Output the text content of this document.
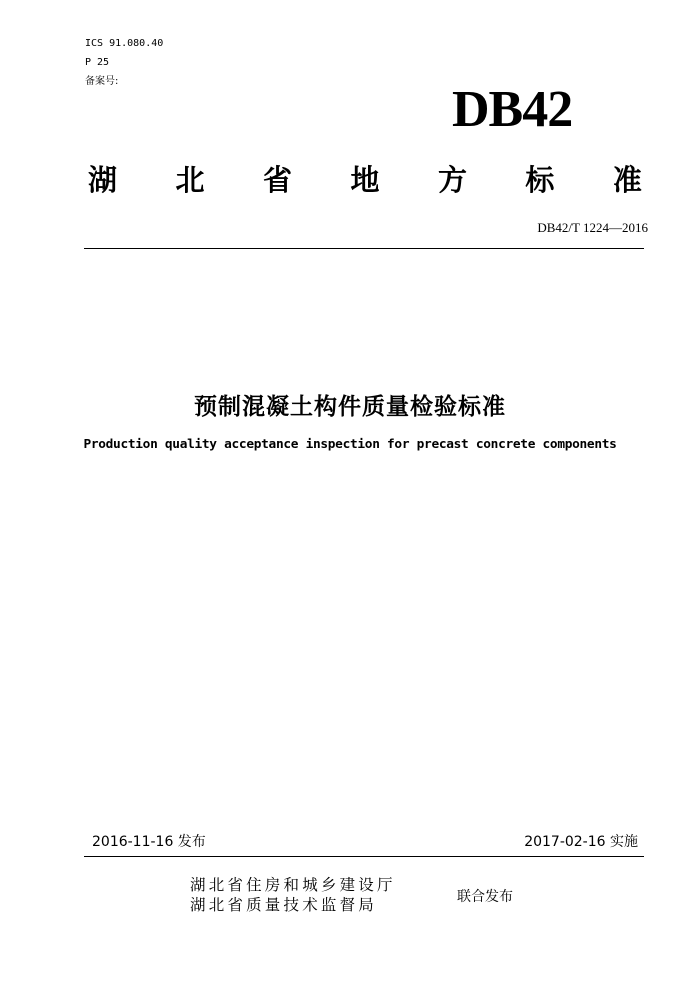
ICS 91.080.40
P 25
备案号:	DB42
湖 北 省 地 方 标 准
DB42/T 1224—2016
预制混凝土构件质量检验标准
Production quality acceptance inspection for precast concrete components
2016-11-16 发布	2017-02-16 实施
湖北省住房和城乡建设厅
湖北省质量技术监督局	联合发布
